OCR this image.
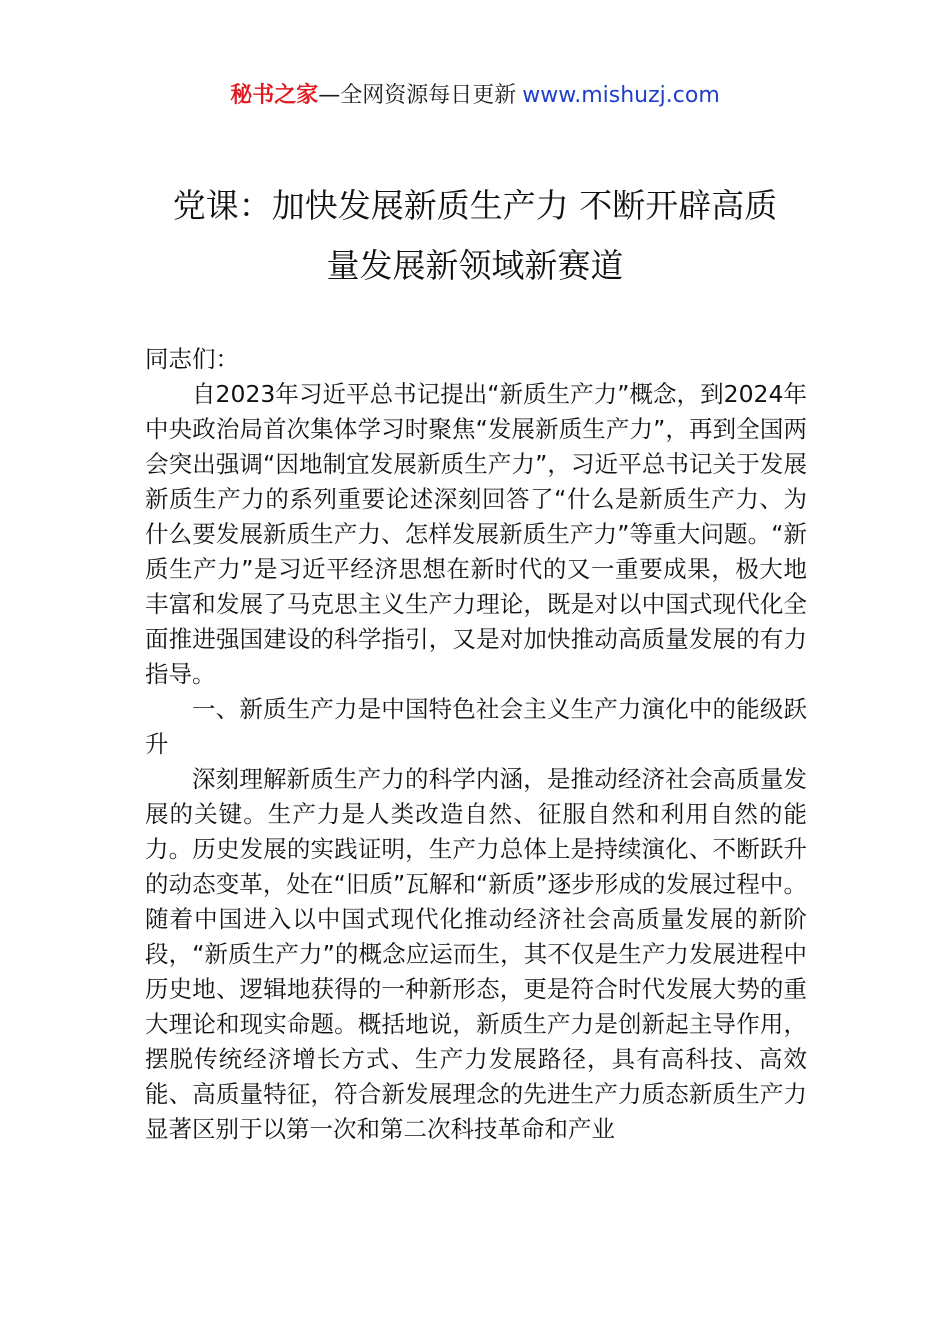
秘书之家—全网资源每日更新 www.mishuzj.com
党课：加快发展新质生产力 不断开辟高质
量发展新领域新赛道

同志们：

自2023年习近平总书记提出“新质生产力”概念，到2024年中央政治局首次集体学习时聚焦“发展新质生产力”，再到全国两会突出强调“因地制宜发展新质生产力”，习近平总书记关于发展新质生产力的系列重要论述深刻回答了“什么是新质生产力、为什么要发展新质生产力、怎样发展新质生产力”等重大问题。“新质生产力”是习近平经济思想在新时代的又一重要成果，极大地丰富和发展了马克思主义生产力理论，既是对以中国式现代化全面推进强国建设的科学指引，又是对加快推动高质量发展的有力指导。

一、新质生产力是中国特色社会主义生产力演化中的能级跃升

深刻理解新质生产力的科学内涵，是推动经济社会高质量发展的关键。生产力是人类改造自然、征服自然和利用自然的能力。历史发展的实践证明，生产力总体上是持续演化、不断跃升的动态变革，处在“旧质”瓦解和“新质”逐步形成的发展过程中。随着中国进入以中国式现代化推动经济社会高质量发展的新阶段，“新质生产力”的概念应运而生，其不仅是生产力发展进程中历史地、逻辑地获得的一种新形态，更是符合时代发展大势的重大理论和现实命题。概括地说，新质生产力是创新起主导作用，摆脱传统经济增长方式、生产力发展路径，具有高科技、高效能、高质量特征，符合新发展理念的先进生产力质态新质生产力显著区别于以第一次和第二次科技革命和产业
